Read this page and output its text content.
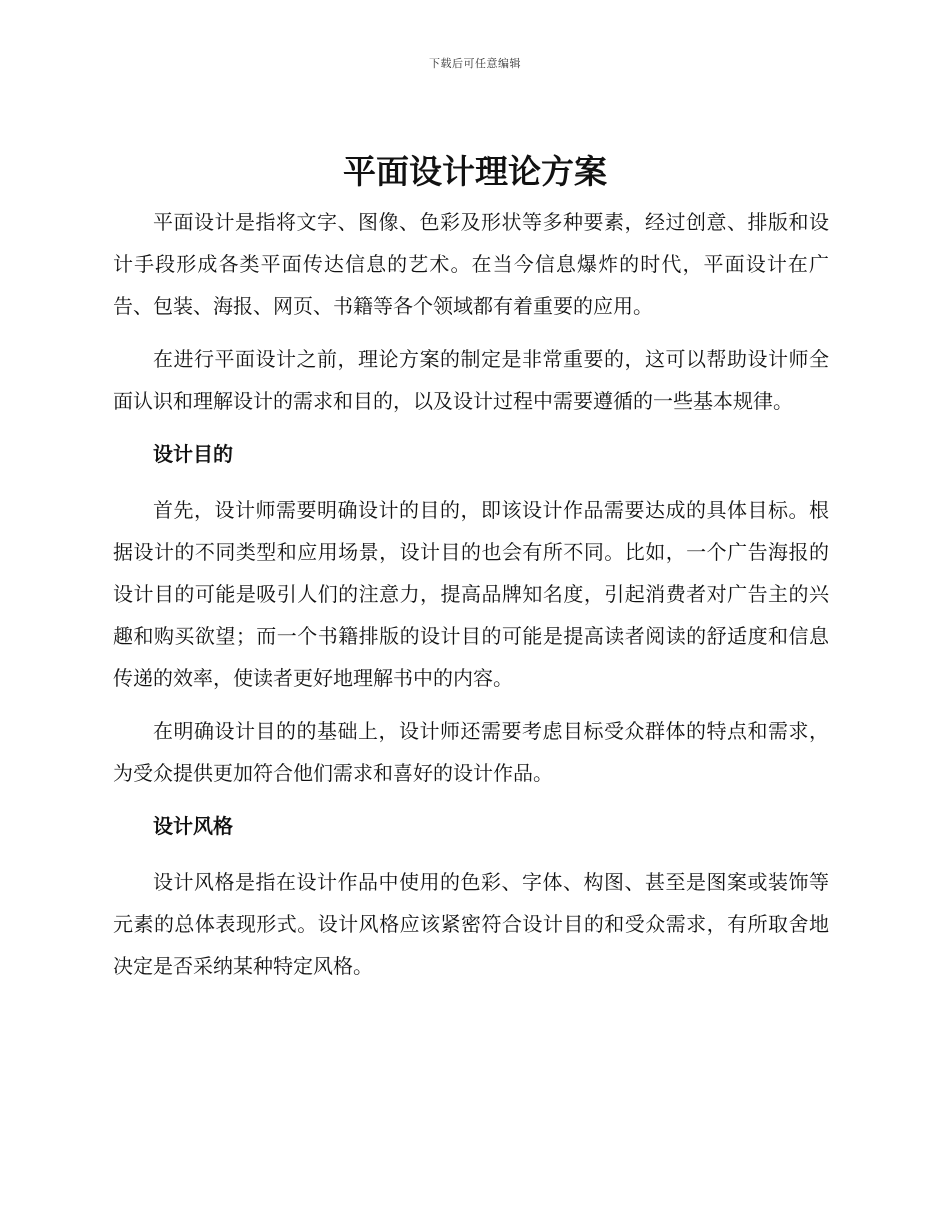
下载后可任意编辑
平面设计理论方案

平面设计是指将文字、图像、色彩及形状等多种要素，经过创意、排版和设计手段形成各类平面传达信息的艺术。在当今信息爆炸的时代，平面设计在广告、包装、海报、网页、书籍等各个领域都有着重要的应用。

在进行平面设计之前，理论方案的制定是非常重要的，这可以帮助设计师全面认识和理解设计的需求和目的，以及设计过程中需要遵循的一些基本规律。

设计目的

首先，设计师需要明确设计的目的，即该设计作品需要达成的具体目标。根据设计的不同类型和应用场景，设计目的也会有所不同。比如，一个广告海报的设计目的可能是吸引人们的注意力，提高品牌知名度，引起消费者对广告主的兴趣和购买欲望；而一个书籍排版的设计目的可能是提高读者阅读的舒适度和信息传递的效率，使读者更好地理解书中的内容。

在明确设计目的的基础上，设计师还需要考虑目标受众群体的特点和需求，为受众提供更加符合他们需求和喜好的设计作品。

设计风格

设计风格是指在设计作品中使用的色彩、字体、构图、甚至是图案或装饰等元素的总体表现形式。设计风格应该紧密符合设计目的和受众需求，有所取舍地决定是否采纳某种特定风格。
